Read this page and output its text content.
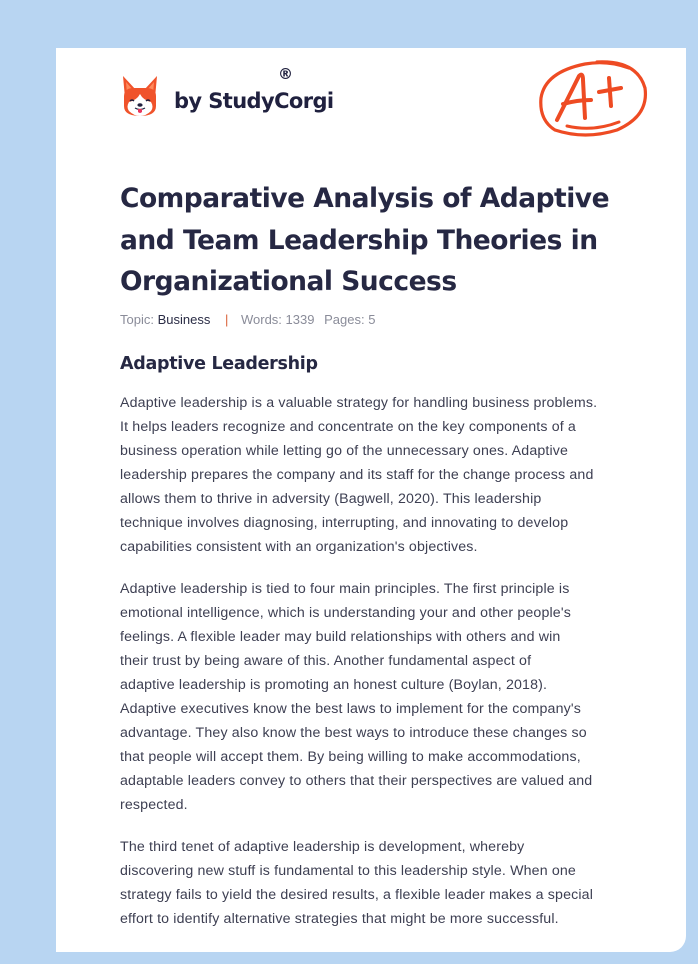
by StudyCorgi
®
Comparative Analysis of Adaptive
and Team Leadership Theories in
Organizational Success
Topic: Business | Words: 1339 Pages: 5
Adaptive Leadership

Adaptive leadership is a valuable strategy for handling business problems.
It helps leaders recognize and concentrate on the key components of a
business operation while letting go of the unnecessary ones. Adaptive
leadership prepares the company and its staff for the change process and
allows them to thrive in adversity (Bagwell, 2020). This leadership
technique involves diagnosing, interrupting, and innovating to develop
capabilities consistent with an organization's objectives.

Adaptive leadership is tied to four main principles. The first principle is
emotional intelligence, which is understanding your and other people's
feelings. A flexible leader may build relationships with others and win
their trust by being aware of this. Another fundamental aspect of
adaptive leadership is promoting an honest culture (Boylan, 2018).
Adaptive executives know the best laws to implement for the company's
advantage. They also know the best ways to introduce these changes so
that people will accept them. By being willing to make accommodations,
adaptable leaders convey to others that their perspectives are valued and
respected.

The third tenet of adaptive leadership is development, whereby
discovering new stuff is fundamental to this leadership style. When one
strategy fails to yield the desired results, a flexible leader makes a special
effort to identify alternative strategies that might be more successful.
